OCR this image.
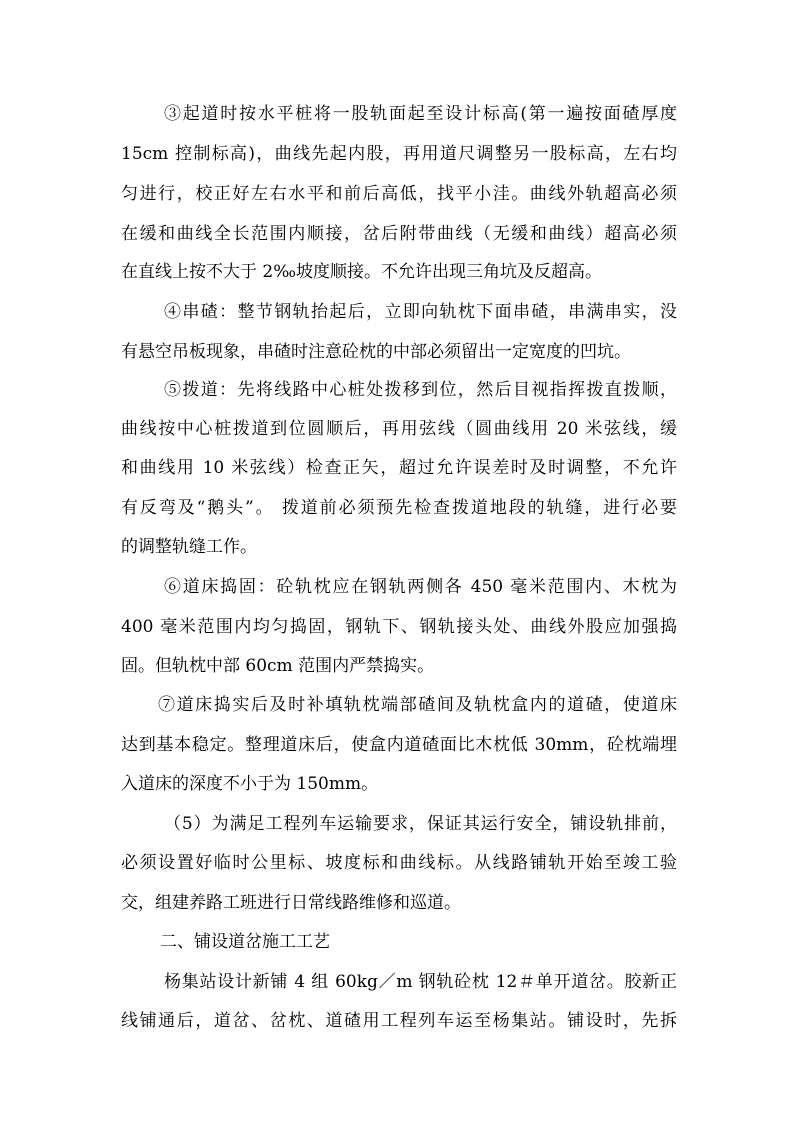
③起道时按水平桩将一股轨面起至设计标高(第一遍按面碴厚度
15cm 控制标高)，曲线先起内股，再用道尺调整另一股标高，左右均
匀进行，校正好左右水平和前后高低，找平小洼。曲线外轨超高必须
在缓和曲线全长范围内顺接，岔后附带曲线（无缓和曲线）超高必须
在直线上按不大于 2‰坡度顺接。不允许出现三角坑及反超高。
④串碴：整节钢轨抬起后，立即向轨枕下面串碴，串满串实，没
有悬空吊板现象，串碴时注意砼枕的中部必须留出一定宽度的凹坑。
⑤拨道：先将线路中心桩处拨移到位，然后目视指挥拨直拨顺，
曲线按中心桩拨道到位圆顺后，再用弦线（圆曲线用 20 米弦线，缓
和曲线用 10 米弦线）检查正矢，超过允许误差时及时调整，不允许
有反弯及“鹅头”。 拨道前必须预先检查拨道地段的轨缝，进行必要
的调整轨缝工作。
⑥道床捣固：砼轨枕应在钢轨两侧各 450 毫米范围内、木枕为
400 毫米范围内均匀捣固，钢轨下、钢轨接头处、曲线外股应加强捣
固。但轨枕中部 60cm 范围内严禁捣实。
⑦道床捣实后及时补填轨枕端部碴间及轨枕盒内的道碴，使道床
达到基本稳定。整理道床后，使盒内道碴面比木枕低 30mm，砼枕端埋
入道床的深度不小于为 150mm。
（5）为满足工程列车运输要求，保证其运行安全，铺设轨排前，
必须设置好临时公里标、坡度标和曲线标。从线路铺轨开始至竣工验
交，组建养路工班进行日常线路维修和巡道。
二、铺设道岔施工工艺
杨集站设计新铺 4 组 60kg／m 钢轨砼枕 12＃单开道岔。胶新正
线铺通后，道岔、岔枕、道碴用工程列车运至杨集站。铺设时，先拆
